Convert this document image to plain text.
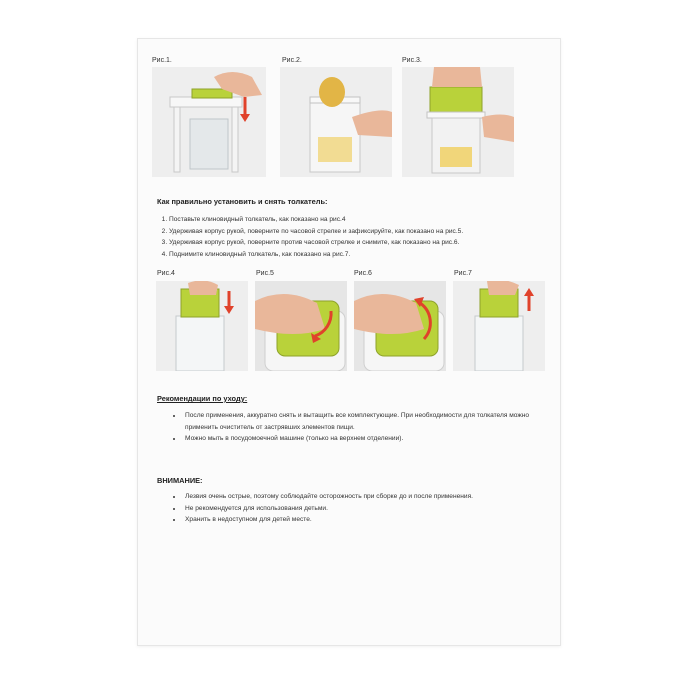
Рис.1.	Рис.2.	Рис.3.
Как правильно установить и снять толкатель:
1. Поставьте клиновидный толкатель, как показано на рис.4
2. Удерживая корпус рукой, поверните по часовой стрелке и зафиксируйте, как показано на рис.5.
3. Удерживая корпус рукой, поверните против часовой стрелке и снимите, как показано на рис.6.
4. Поднимите клиновидный толкатель, как показано на рис.7.
Рис.4	Рис.5	Рис.6	Рис.7
Рекомендации по уходу:
• После применения, аккуратно снять и вытащить все комплектующие. При необходимости для толкателя можно применить очиститель от застрявших элементов пищи.
• Можно мыть в посудомоечной машине (только на верхнем отделении).
ВНИМАНИЕ:
• Лезвия очень острые, поэтому соблюдайте осторожность при сборке до и после применения.
• Не рекомендуется для использования детьми.
• Хранить в недоступном для детей месте.
